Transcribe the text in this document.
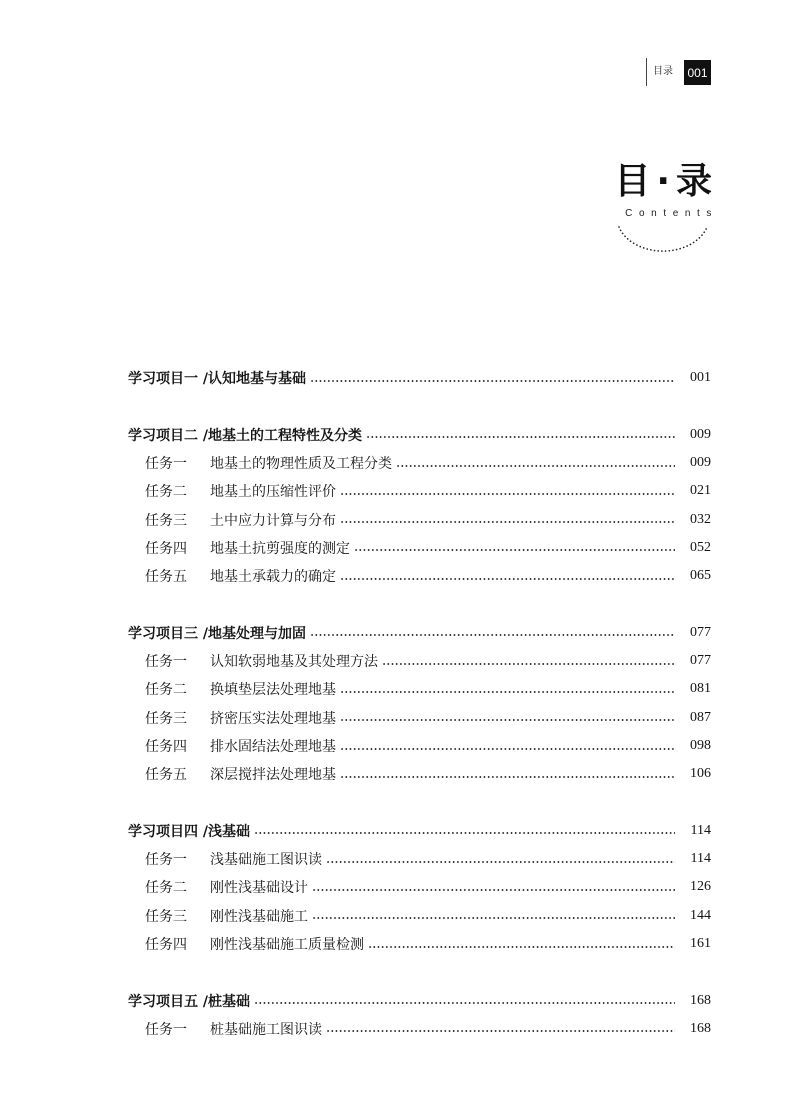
目录 001
目·录
Contents
学习项目一 /认知地基与基础	001
学习项目二 /地基土的工程特性及分类	009
任务一	地基土的物理性质及工程分类	009
任务二	地基土的压缩性评价	021
任务三	土中应力计算与分布	032
任务四	地基土抗剪强度的测定	052
任务五	地基土承载力的确定	065
学习项目三 /地基处理与加固	077
任务一	认知软弱地基及其处理方法	077
任务二	换填垫层法处理地基	081
任务三	挤密压实法处理地基	087
任务四	排水固结法处理地基	098
任务五	深层搅拌法处理地基	106
学习项目四 /浅基础	114
任务一	浅基础施工图识读	114
任务二	刚性浅基础设计	126
任务三	刚性浅基础施工	144
任务四	刚性浅基础施工质量检测	161
学习项目五 /桩基础	168
任务一	桩基础施工图识读	168
